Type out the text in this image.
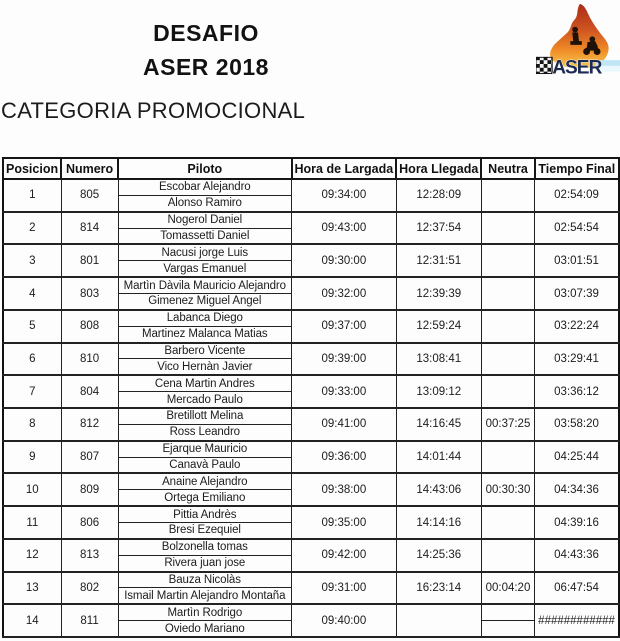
DESAFIO
ASER 2018	ASER
CATEGORIA PROMOCIONAL
Posicion	Numero	Piloto	Hora de Largada	Hora Llegada	Neutra	Tiempo Final
1	805	Escobar Alejandro	09:34:00	12:28:09		02:54:09
		Alonso Ramiro				
2	814	Nogerol Daniel	09:43:00	12:37:54		02:54:54
		Tomassetti Daniel				
3	801	Nacusi jorge Luis	09:30:00	12:31:51		03:01:51
		Vargas Emanuel				
4	803	Martìn Dàvila Mauricio Alejandro	09:32:00	12:39:39		03:07:39
		Gimenez Miguel Angel				
5	808	Labanca Diego	09:37:00	12:59:24		03:22:24
		Martinez Malanca Matias				
6	810	Barbero Vicente	09:39:00	13:08:41		03:29:41
		Vico Hernàn Javier				
7	804	Cena Martin Andres	09:33:00	13:09:12		03:36:12
		Mercado Paulo				
8	812	Bretillott Melina	09:41:00	14:16:45	00:37:25	03:58:20
		Ross Leandro				
9	807	Ejarque Mauricio	09:36:00	14:01:44		04:25:44
		Canavà Paulo				
10	809	Anaine Alejandro	09:38:00	14:43:06	00:30:30	04:34:36
		Ortega Emiliano				
11	806	Pittia Andrès	09:35:00	14:14:16		04:39:16
		Bresi Ezequiel				
12	813	Bolzonella tomas	09:42:00	14:25:36		04:43:36
		Rivera juan jose				
13	802	Bauza Nicolàs	09:31:00	16:23:14	00:04:20	06:47:54
		Ismail Martin Alejandro Montaña				
14	811	Martìn Rodrigo	09:40:00			############
		Oviedo Mariano				
